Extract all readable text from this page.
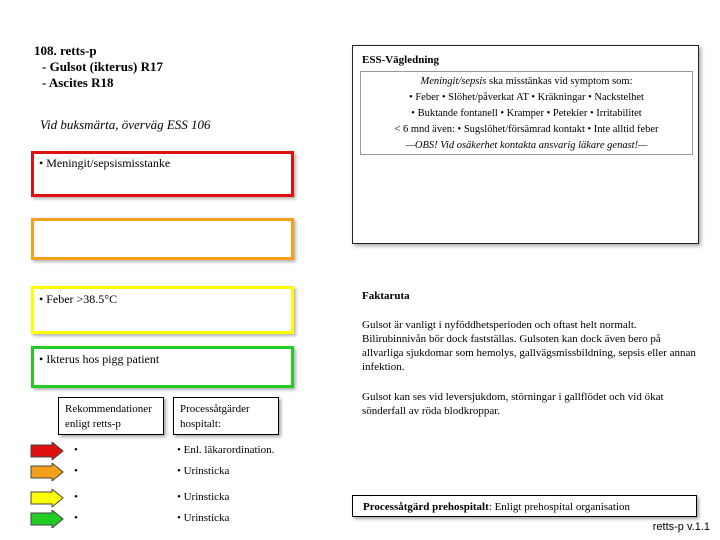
108. retts-p
- Gulsot (ikterus) R17
- Ascites R18
Vid buksmärta, överväg ESS 106
ESS-Vägledning
Meningit/sepsis ska misstänkas vid symptom som:
• Feber • Slöhet/påverkat AT • Kräkningar • Nackstelhet
• Buktande fontanell • Kramper • Petekier • Irritabilitet
< 6 mnd även: • Sugslöhet/försämrad kontakt • Inte alltid feber
—OBS! Vid osäkerhet kontakta ansvarig läkare genast!—
• Meningit/sepsismisstanke
• Feber >38.5°C
• Ikterus hos pigg patient
Faktaruta
Gulsot är vanligt i nyföddhetsperioden och oftast helt normalt. Bilirubinnivån bör dock fastställas. Gulsoten kan dock även bero på allvarliga sjukdomar som hemolys, gallvägsmissbildning, sepsis eller annan infektion.
Gulsot kan ses vid leversjukdom, störningar i gallflödet och vid ökat sönderfall av röda blodkroppar.
Rekommendationer enligt retts-p
Processåtgärder hospitalt:
•	• Enl. läkarordination.
•	• Urinsticka
•	• Urinsticka
•	• Urinsticka
Processåtgärd prehospitalt: Enligt prehospital organisation
retts-p v.1.1
